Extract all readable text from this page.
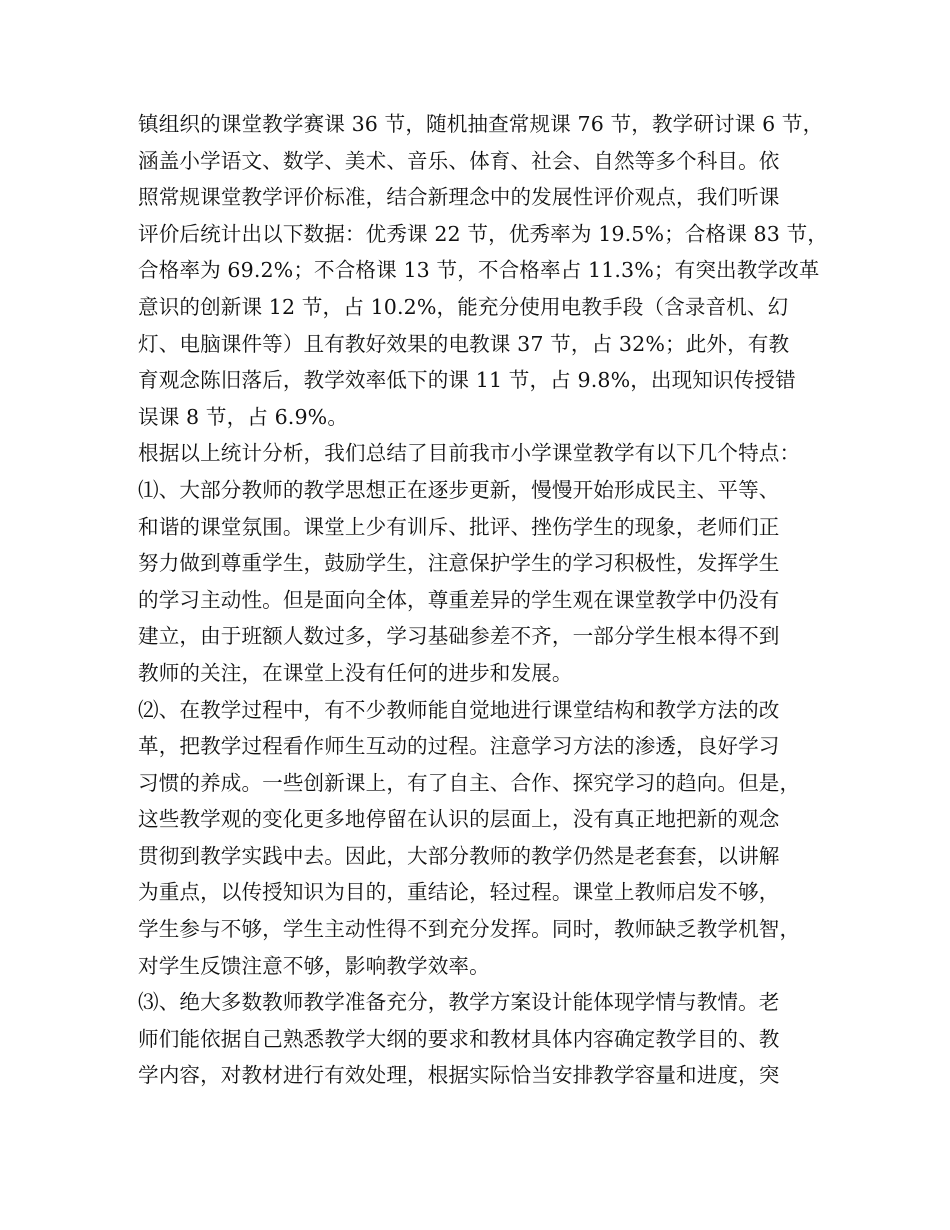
镇组织的课堂教学赛课 36 节，随机抽查常规课 76 节，教学研讨课 6 节，
涵盖小学语文、数学、美术、音乐、体育、社会、自然等多个科目。依
照常规课堂教学评价标准，结合新理念中的发展性评价观点，我们听课
评价后统计出以下数据：优秀课 22 节，优秀率为 19.5%；合格课 83 节，
合格率为 69.2%；不合格课 13 节，不合格率占 11.3%；有突出教学改革
意识的创新课 12 节，占 10.2%，能充分使用电教手段（含录音机、幻
灯、电脑课件等）且有教好效果的电教课 37 节，占 32%；此外，有教
育观念陈旧落后，教学效率低下的课 11 节，占 9.8%，出现知识传授错
误课 8 节，占 6.9%。
根据以上统计分析，我们总结了目前我市小学课堂教学有以下几个特点：
⑴、大部分教师的教学思想正在逐步更新，慢慢开始形成民主、平等、
和谐的课堂氛围。课堂上少有训斥、批评、挫伤学生的现象，老师们正
努力做到尊重学生，鼓励学生，注意保护学生的学习积极性，发挥学生
的学习主动性。但是面向全体，尊重差异的学生观在课堂教学中仍没有
建立，由于班额人数过多，学习基础参差不齐，一部分学生根本得不到
教师的关注，在课堂上没有任何的进步和发展。
⑵、在教学过程中，有不少教师能自觉地进行课堂结构和教学方法的改
革，把教学过程看作师生互动的过程。注意学习方法的渗透，良好学习
习惯的养成。一些创新课上，有了自主、合作、探究学习的趋向。但是，
这些教学观的变化更多地停留在认识的层面上，没有真正地把新的观念
贯彻到教学实践中去。因此，大部分教师的教学仍然是老套套，以讲解
为重点，以传授知识为目的，重结论，轻过程。课堂上教师启发不够，
学生参与不够，学生主动性得不到充分发挥。同时，教师缺乏教学机智，
对学生反馈注意不够，影响教学效率。
⑶、绝大多数教师教学准备充分，教学方案设计能体现学情与教情。老
师们能依据自己熟悉教学大纲的要求和教材具体内容确定教学目的、教
学内容，对教材进行有效处理，根据实际恰当安排教学容量和进度，突
